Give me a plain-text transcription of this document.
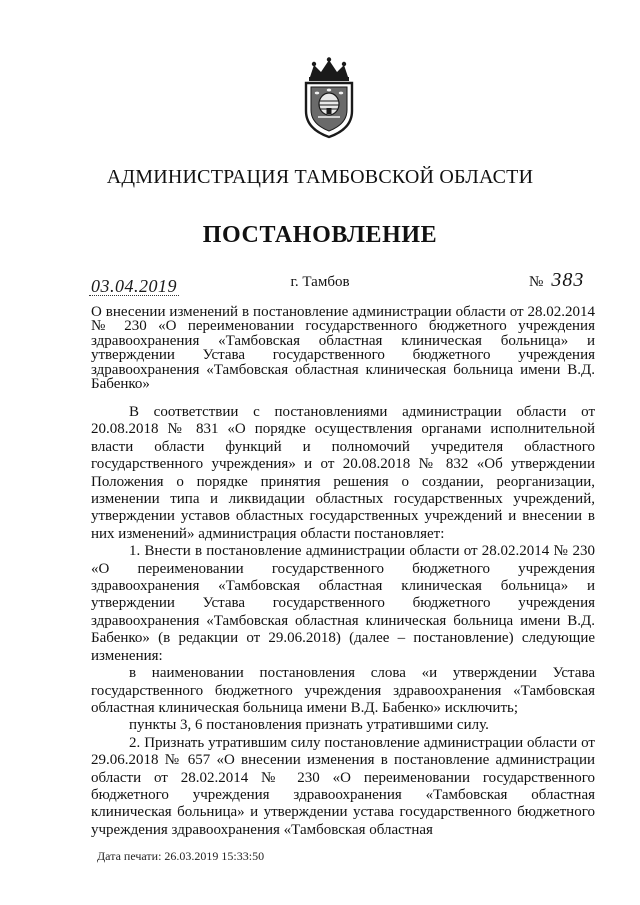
АДМИНИСТРАЦИЯ ТАМБОВСКОЙ ОБЛАСТИ
ПОСТАНОВЛЕНИЕ
03.04.2019	г. Тамбов	№ 383
О внесении изменений в постановление администрации области от 28.02.2014 № 230 «О переименовании государственного бюджетного учреждения здравоохранения «Тамбовская областная клиническая больница» и утверждении Устава государственного бюджетного учреждения здравоохранения «Тамбовская областная клиническая больница имени В.Д. Бабенко»

В соответствии с постановлениями администрации области от 20.08.2018 № 831 «О порядке осуществления органами исполнительной власти области функций и полномочий учредителя областного государственного учреждения» и от 20.08.2018 № 832 «Об утверждении Положения о порядке принятия решения о создании, реорганизации, изменении типа и ликвидации областных государственных учреждений, утверждении уставов областных государственных учреждений и внесении в них изменений» администрация области постановляет:

1. Внести в постановление администрации области от 28.02.2014 № 230 «О переименовании государственного бюджетного учреждения здравоохранения «Тамбовская областная клиническая больница» и утверждении Устава государственного бюджетного учреждения здравоохранения «Тамбовская областная клиническая больница имени В.Д. Бабенко» (в редакции от 29.06.2018) (далее – постановление) следующие изменения:

в наименовании постановления слова «и утверждении Устава государственного бюджетного учреждения здравоохранения «Тамбовская областная клиническая больница имени В.Д. Бабенко» исключить;

пункты 3, 6 постановления признать утратившими силу.

2. Признать утратившим силу постановление администрации области от 29.06.2018 № 657 «О внесении изменения в постановление администрации области от 28.02.2014 № 230 «О переименовании государственного бюджетного учреждения здравоохранения «Тамбовская областная клиническая больница» и утверждении устава государственного бюджетного учреждения здравоохранения «Тамбовская областная

Дата печати: 26.03.2019 15:33:50
